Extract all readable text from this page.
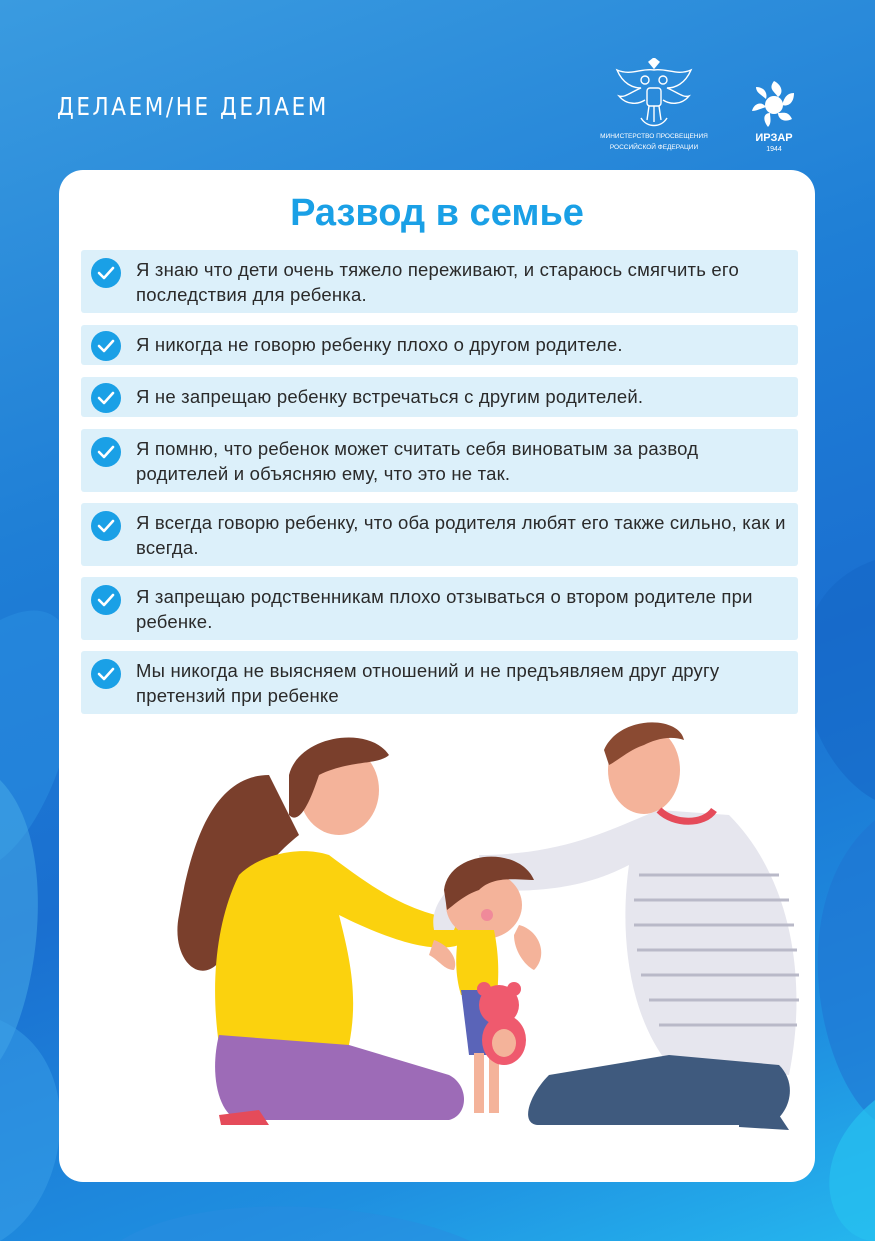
ДЕЛАЕМ/НЕ ДЕЛАЕМ
МИНИСТЕРСТВО ПРОСВЕЩЕНИЯ
РОССИЙСКОЙ ФЕДЕРАЦИИ
ИРЗАР
1944
Развод в семье
Я знаю что дети очень тяжело переживают, и стараюсь смягчить его последствия для ребенка.
Я никогда не говорю ребенку плохо о другом родителе.
Я не запрещаю ребенку встречаться с другим родителей.
Я помню, что ребенок может считать себя виноватым за развод родителей и объясняю ему, что это не так.
Я всегда говорю ребенку, что оба родителя любят его также сильно, как и всегда.
Я запрещаю родственникам плохо отзываться о втором родителе при ребенке.
Мы никогда не выясняем отношений и не предъявляем друг другу претензий при ребенке
